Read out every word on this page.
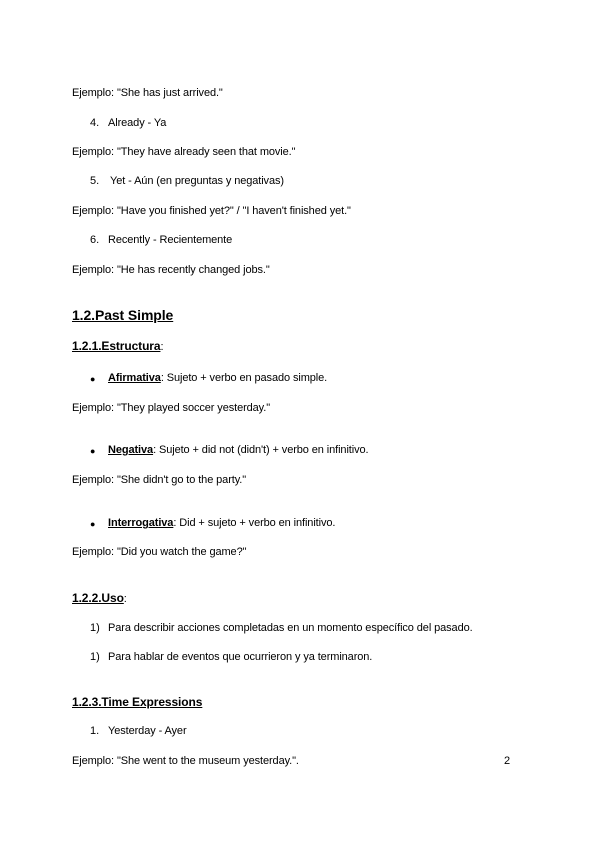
Ejemplo: "She has just arrived."
4. Already - Ya
Ejemplo: "They have already seen that movie."
5. Yet - Aún (en preguntas y negativas)
Ejemplo: "Have you finished yet?" / "I haven't finished yet."
6. Recently - Recientemente
Ejemplo: "He has recently changed jobs."
1.2.Past Simple
1.2.1.Estructura:
● Afirmativa: Sujeto + verbo en pasado simple.
Ejemplo: "They played soccer yesterday."
● Negativa: Sujeto + did not (didn't) + verbo en infinitivo.
Ejemplo: "She didn't go to the party."
● Interrogativa: Did + sujeto + verbo en infinitivo.
Ejemplo: "Did you watch the game?"
1.2.2.Uso:
1) Para describir acciones completadas en un momento específico del pasado.
1) Para hablar de eventos que ocurrieron y ya terminaron.
1.2.3.Time Expressions
1. Yesterday - Ayer
Ejemplo: "She went to the museum yesterday.".	2
